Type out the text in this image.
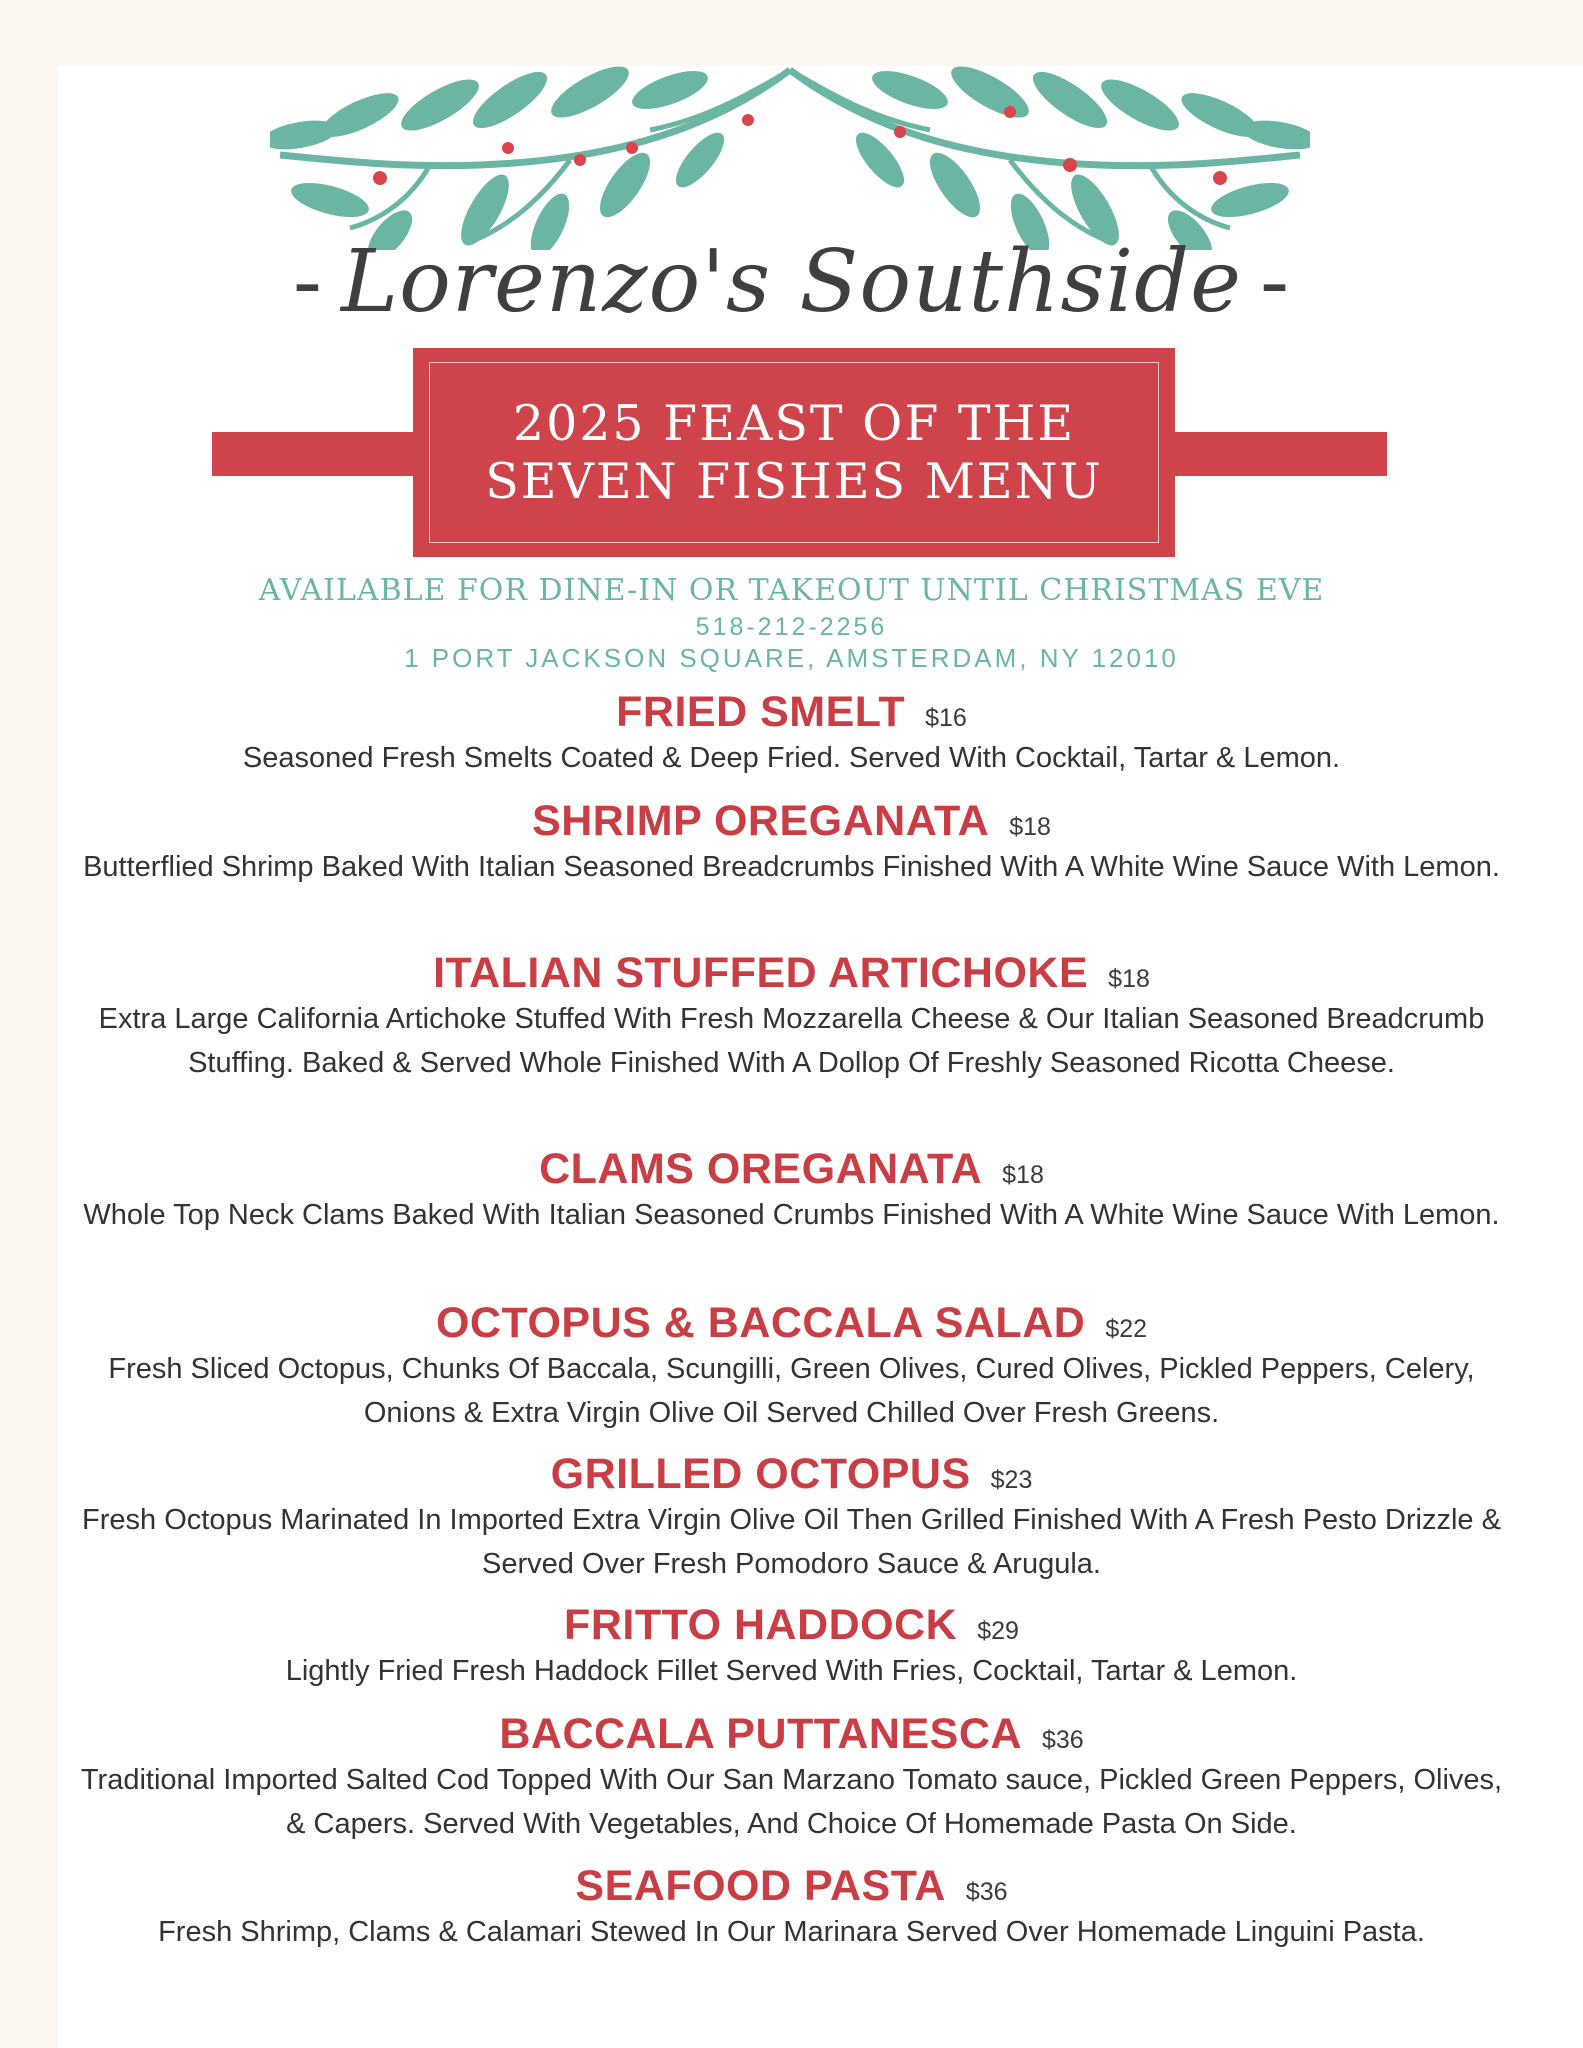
- Lorenzo's Southside -
2025 FEAST OF THE
SEVEN FISHES MENU
AVAILABLE FOR DINE-IN OR TAKEOUT UNTIL CHRISTMAS EVE
518-212-2256
1 PORT JACKSON SQUARE, AMSTERDAM, NY 12010
FRIED SMELT $16
Seasoned Fresh Smelts Coated & Deep Fried. Served With Cocktail, Tartar & Lemon.
SHRIMP OREGANATA $18
Butterflied Shrimp Baked With Italian Seasoned Breadcrumbs Finished With A White Wine Sauce With Lemon.
ITALIAN STUFFED ARTICHOKE $18
Extra Large California Artichoke Stuffed With Fresh Mozzarella Cheese & Our Italian Seasoned Breadcrumb Stuffing. Baked & Served Whole Finished With A Dollop Of Freshly Seasoned Ricotta Cheese.
CLAMS OREGANATA $18
Whole Top Neck Clams Baked With Italian Seasoned Crumbs Finished With A White Wine Sauce With Lemon.
OCTOPUS & BACCALA SALAD $22
Fresh Sliced Octopus, Chunks Of Baccala, Scungilli, Green Olives, Cured Olives, Pickled Peppers, Celery, Onions & Extra Virgin Olive Oil Served Chilled Over Fresh Greens.
GRILLED OCTOPUS $23
Fresh Octopus Marinated In Imported Extra Virgin Olive Oil Then Grilled Finished With A Fresh Pesto Drizzle & Served Over Fresh Pomodoro Sauce & Arugula.
FRITTO HADDOCK $29
Lightly Fried Fresh Haddock Fillet Served With Fries, Cocktail, Tartar & Lemon.
BACCALA PUTTANESCA $36
Traditional Imported Salted Cod Topped With Our San Marzano Tomato sauce, Pickled Green Peppers, Olives, & Capers. Served With Vegetables, And Choice Of Homemade Pasta On Side.
SEAFOOD PASTA $36
Fresh Shrimp, Clams & Calamari Stewed In Our Marinara Served Over Homemade Linguini Pasta.
